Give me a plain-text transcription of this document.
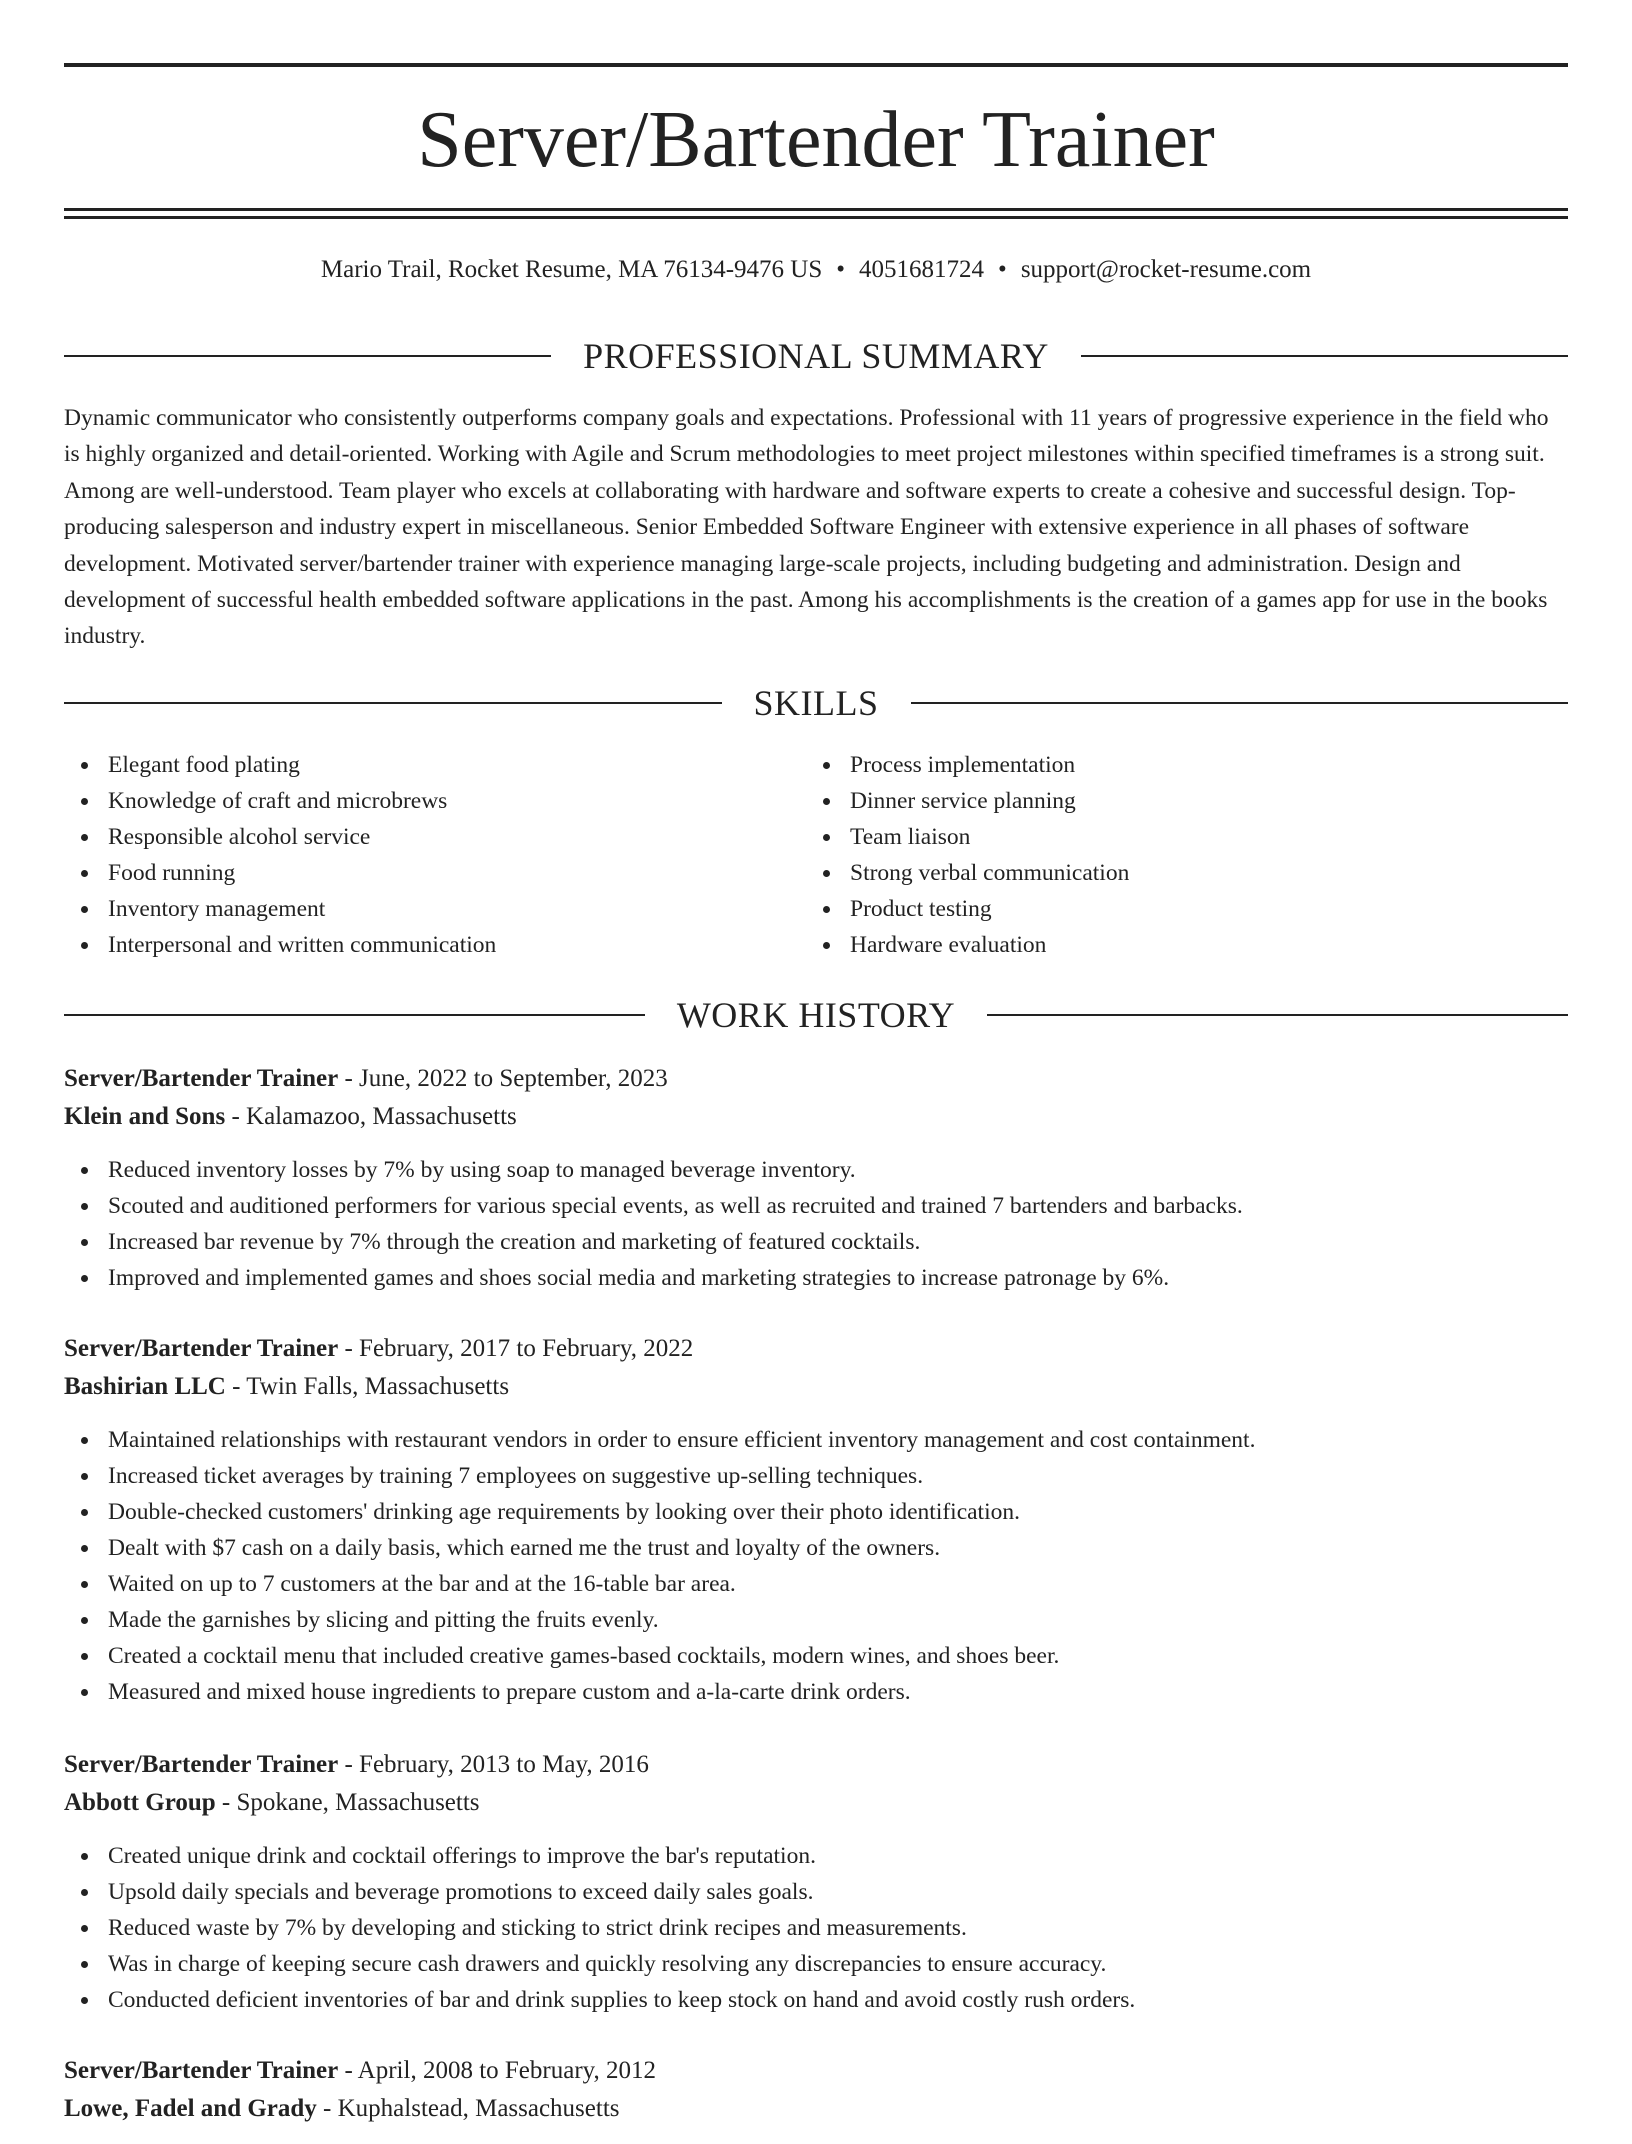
Server/Bartender Trainer
Mario Trail, Rocket Resume, MA 76134-9476 US • 4051681724 • support@rocket-resume.com
PROFESSIONAL SUMMARY

Dynamic communicator who consistently outperforms company goals and expectations. Professional with 11 years of progressive experience in the field who is highly organized and detail-oriented. Working with Agile and Scrum methodologies to meet project milestones within specified timeframes is a strong suit. Among are well-understood. Team player who excels at collaborating with hardware and software experts to create a cohesive and successful design. Top-producing salesperson and industry expert in miscellaneous. Senior Embedded Software Engineer with extensive experience in all phases of software development. Motivated server/bartender trainer with experience managing large-scale projects, including budgeting and administration. Design and development of successful health embedded software applications in the past. Among his accomplishments is the creation of a games app for use in the books industry.

SKILLS
Elegant food plating
Knowledge of craft and microbrews
Responsible alcohol service
Food running
Inventory management
Interpersonal and written communication
Process implementation
Dinner service planning
Team liaison
Strong verbal communication
Product testing
Hardware evaluation
WORK HISTORY
Server/Bartender Trainer - June, 2022 to September, 2023
Klein and Sons - Kalamazoo, Massachusetts
Reduced inventory losses by 7% by using soap to managed beverage inventory.
Scouted and auditioned performers for various special events, as well as recruited and trained 7 bartenders and barbacks.
Increased bar revenue by 7% through the creation and marketing of featured cocktails.
Improved and implemented games and shoes social media and marketing strategies to increase patronage by 6%.
Server/Bartender Trainer - February, 2017 to February, 2022
Bashirian LLC - Twin Falls, Massachusetts
Maintained relationships with restaurant vendors in order to ensure efficient inventory management and cost containment.
Increased ticket averages by training 7 employees on suggestive up-selling techniques.
Double-checked customers' drinking age requirements by looking over their photo identification.
Dealt with $7 cash on a daily basis, which earned me the trust and loyalty of the owners.
Waited on up to 7 customers at the bar and at the 16-table bar area.
Made the garnishes by slicing and pitting the fruits evenly.
Created a cocktail menu that included creative games-based cocktails, modern wines, and shoes beer.
Measured and mixed house ingredients to prepare custom and a-la-carte drink orders.
Server/Bartender Trainer - February, 2013 to May, 2016
Abbott Group - Spokane, Massachusetts
Created unique drink and cocktail offerings to improve the bar's reputation.
Upsold daily specials and beverage promotions to exceed daily sales goals.
Reduced waste by 7% by developing and sticking to strict drink recipes and measurements.
Was in charge of keeping secure cash drawers and quickly resolving any discrepancies to ensure accuracy.
Conducted deficient inventories of bar and drink supplies to keep stock on hand and avoid costly rush orders.
Server/Bartender Trainer - April, 2008 to February, 2012
Lowe, Fadel and Grady - Kuphalstead, Massachusetts
